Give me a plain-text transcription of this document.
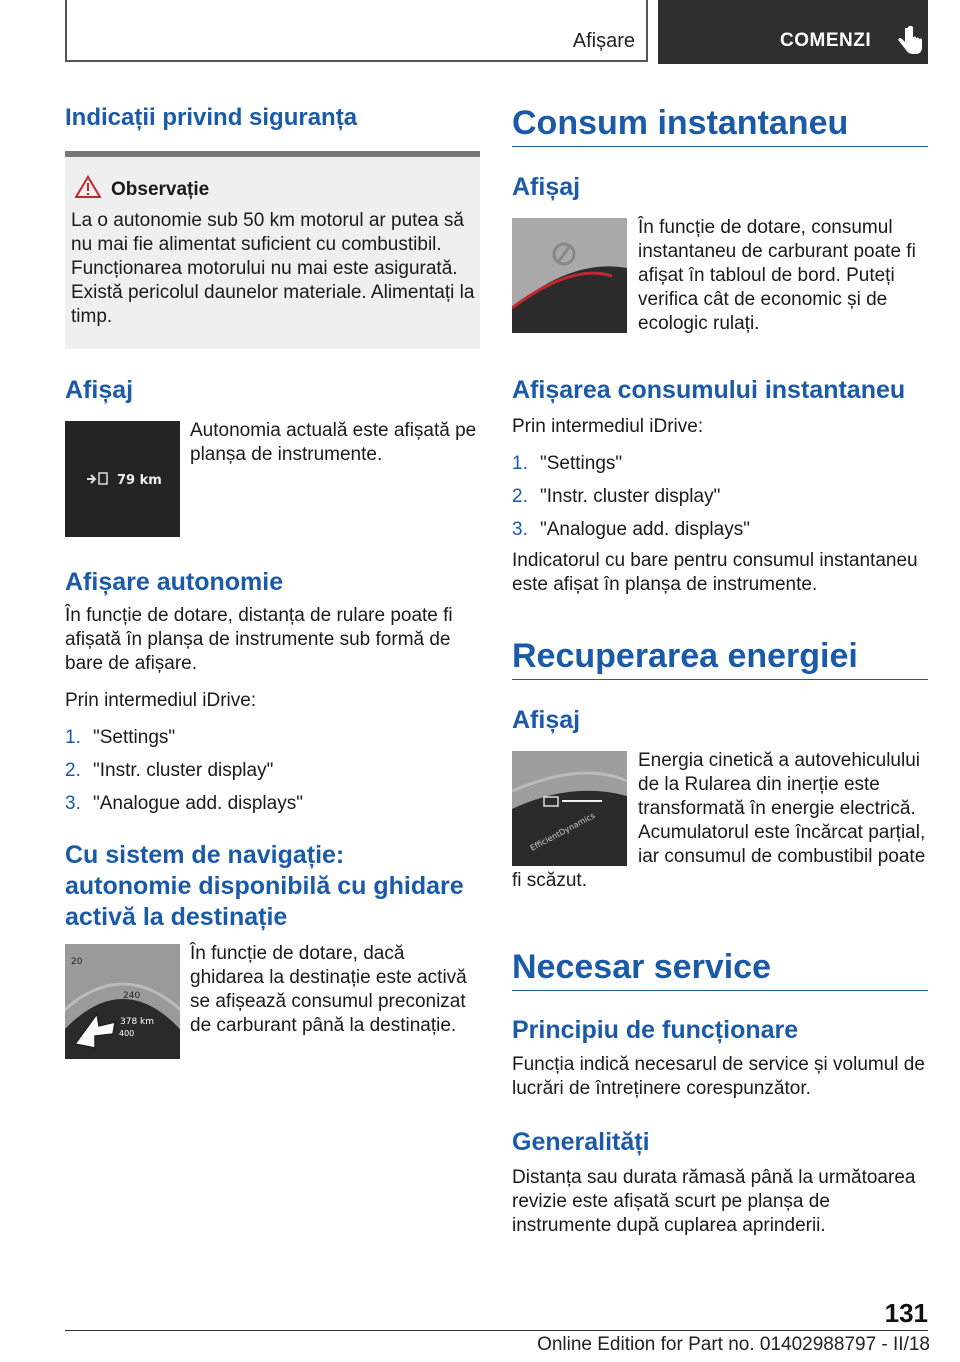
Afișare	COMENZI
Indicații privind siguranța
Observație

La o autonomie sub 50 km motorul ar putea să nu mai fie alimentat suficient cu combustibil. Funcționarea motorului nu mai este asigurată. Există pericolul daunelor materiale. Alimentați la timp.

Afișaj
79 km

Autonomia actuală este afișată pe planșa de instrumente.

Afișare autonomie

În funcție de dotare, distanța de rulare poate fi afișată în planșa de instrumente sub formă de bare de afișare.

Prin intermediul iDrive:

1. "Settings"
2. "Instr. cluster display"
3. "Analogue add. displays"
Cu sistem de navigație:
autonomie disponibilă cu ghidare
activă la destinație
240
20
378 km
400

În funcție de dotare, dacă ghidarea la destinație este activă se afișează consumul preconizat de carburant până la destinație.

Consum instantaneu
Afișaj

În funcție de dotare, consumul instantaneu de carburant poate fi afișat în tabloul de bord. Puteți verifica cât de economic și de ecologic rulați.

Afișarea consumului instantaneu

Prin intermediul iDrive:

1. "Settings"
2. "Instr. cluster display"
3. "Analogue add. displays"

Indicatorul cu bare pentru consumul instantaneu este afișat în planșa de instrumente.

Recuperarea energiei
Afișaj
EfficientDynamics

Energia cinetică a autovehiculului de la Rularea din inerție este transformată în energie electrică. Acumulatorul este încărcat parțial, iar consumul de combustibil poate fi scăzut.

Necesar service
Principiu de funcționare

Funcția indică necesarul de service și volumul de lucrări de întreținere corespunzător.

Generalități

Distanța sau durata rămasă până la următoarea revizie este afișată scurt pe planșa de instrumente după cuplarea aprinderii.

131
Online Edition for Part no. 01402988797 - II/18
